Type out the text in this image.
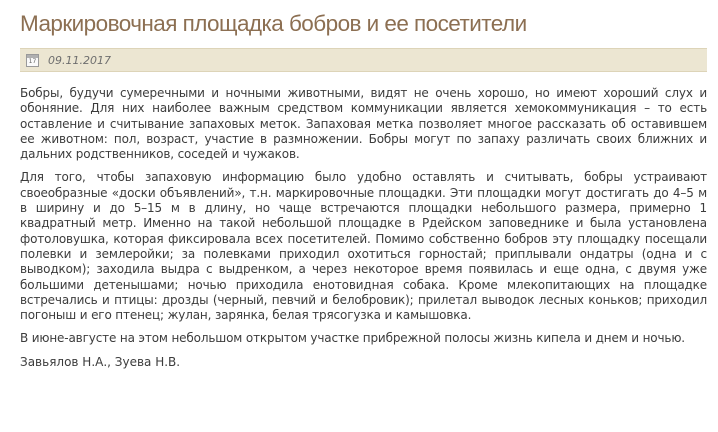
Маркировочная площадка бобров и ее посетители
17 09.11.2017

Бобры, будучи сумеречными и ночными животными, видят не очень хорошо, но имеют хороший слух и обоняние. Для них наиболее важным средством коммуникации является хемокоммуникация – то есть оставление и считывание запаховых меток. Запаховая метка позволяет многое рассказать об оставившем ее животном: пол, возраст, участие в размножении. Бобры могут по запаху различать своих ближних и дальних родственников, соседей и чужаков.

Для того, чтобы запаховую информацию было удобно оставлять и считывать, бобры устраивают своеобразные «доски объявлений», т.н. маркировочные площадки. Эти площадки могут достигать до 4–5 м в ширину и до 5–15 м в длину, но чаще встречаются площадки небольшого размера, примерно 1 квадратный метр. Именно на такой небольшой площадке в Рдейском заповеднике и была установлена фотоловушка, которая фиксировала всех посетителей. Помимо собственно бобров эту площадку посещали полевки и землеройки; за полевками приходил охотиться горностай; приплывали ондатры (одна и с выводком); заходила выдра с выдренком, а через некоторое время появилась и еще одна, с двумя уже большими детенышами; ночью приходила енотовидная собака. Кроме млекопитающих на площадке встречались и птицы: дрозды (черный, певчий и белобровик); прилетал выводок лесных коньков; приходил погоныш и его птенец; жулан, зарянка, белая трясогузка и камышовка.

В июне-августе на этом небольшом открытом участке прибрежной полосы жизнь кипела и днем и ночью.

Завьялов Н.А., Зуева Н.В.
